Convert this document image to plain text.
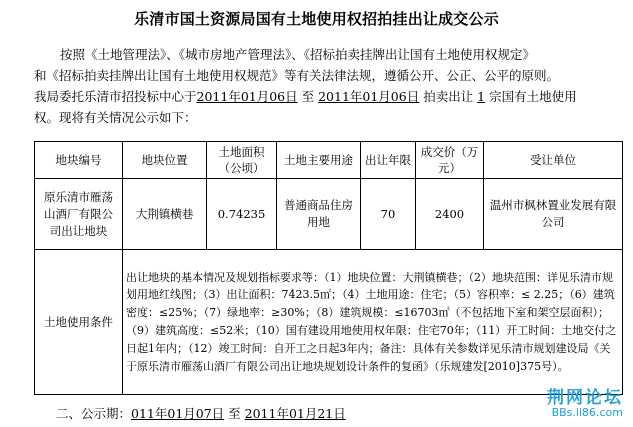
乐清市国土资源局国有土地使用权招拍挂出让成交公示

按照《土地管理法》、《城市房地产管理法》、《招标拍卖挂牌出让国有土地使用权规定》

和《招标拍卖挂牌出让国有土地使用权规范》等有关法律法规，遵循公开、公正、公平的原则。

我局委托乐清市招投标中心于2011年01月06日 至 2011年01月06日 拍卖出让 1 宗国有土地使用

权。现将有关情况公示如下：

地块编号	地块位置	土地面积（公顷）	土地主要用途	出让年限	成交价（万元）	受让单位
原乐清市雁荡山酒厂有限公司出让地块	大荆镇横巷	0.74235	普通商品住房用地	70	2400	温州市枫林置业发展有限公司
土地使用条件	出让地块的基本情况及规划指标要求等：（1）地块位置：大荆镇横巷；（2）地块范围：详见乐清市规划用地红线图；（3）出让面积：7423.5㎡；（4）土地用途：住宅；（5）容积率：≤ 2.25；（6）建筑密度：≤25%；（7）绿地率：≥30%；（8）建筑规模：≤16703㎡（不包括地下室和架空层面积）；（9）建筑高度：≤52米；（10）国有建设用地使用权年限：住宅70年；（11）开工时间：土地交付之日起1年内；（12）竣工时间：自开工之日起3年内；备注：具体有关参数详见乐清市规划建设局《关于原乐清市雁荡山酒厂有限公司出让地块规划设计条件的复函》（乐规建发[2010]375号）。					
二、公示期：011年01月07日 至 2011年01月21日
荆网论坛
BBs.ii86.com
